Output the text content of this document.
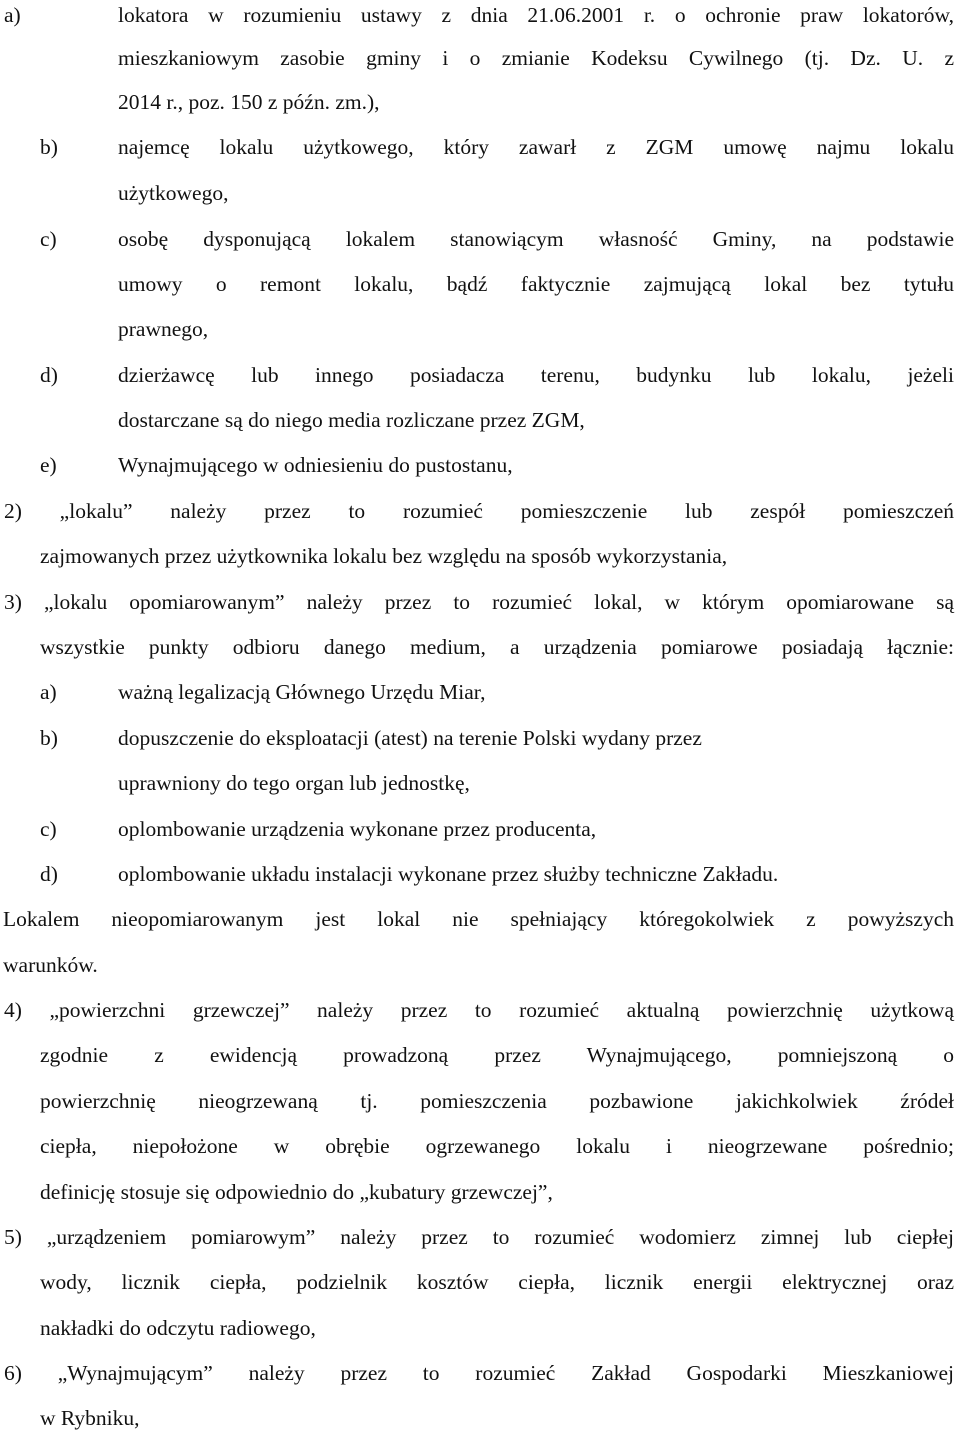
a)	lokatora w rozumieniu ustawy z dnia 21.06.2001 r. o ochronie praw lokatorów,
mieszkaniowym zasobie gminy i o zmianie Kodeksu Cywilnego (tj. Dz. U. z
2014 r., poz. 150 z późn. zm.),
b)	najemcę lokalu użytkowego, który zawarł z ZGM umowę najmu lokalu
użytkowego,
c)	osobę dysponującą lokalem stanowiącym własność Gminy, na podstawie
umowy o remont lokalu, bądź faktycznie zajmującą lokal bez tytułu
prawnego,
d)	dzierżawcę lub innego posiadacza terenu, budynku lub lokalu, jeżeli
dostarczane są do niego media rozliczane przez ZGM,
e)	Wynajmującego w odniesieniu do pustostanu,
2) „lokalu” należy przez to rozumieć pomieszczenie lub zespół pomieszczeń
zajmowanych przez użytkownika lokalu bez względu na sposób wykorzystania,
3) „lokalu opomiarowanym” należy przez to rozumieć lokal, w którym opomiarowane są
wszystkie punkty odbioru danego medium, a urządzenia pomiarowe posiadają łącznie:
a)	ważną legalizacją Głównego Urzędu Miar,
b)	dopuszczenie do eksploatacji (atest) na terenie Polski wydany przez
uprawniony do tego organ lub jednostkę,
c)	oplombowanie urządzenia wykonane przez producenta,
d)	oplombowanie układu instalacji wykonane przez służby techniczne Zakładu.
Lokalem nieopomiarowanym jest lokal nie spełniający któregokolwiek z powyższych
warunków.
4) „powierzchni grzewczej” należy przez to rozumieć aktualną powierzchnię użytkową
zgodnie z ewidencją prowadzoną przez Wynajmującego, pomniejszoną o
powierzchnię nieogrzewaną tj. pomieszczenia pozbawione jakichkolwiek źródeł
ciepła, niepołożone w obrębie ogrzewanego lokalu i nieogrzewane pośrednio;
definicję stosuje się odpowiednio do „kubatury grzewczej”,
5) „urządzeniem pomiarowym” należy przez to rozumieć wodomierz zimnej lub ciepłej
wody, licznik ciepła, podzielnik kosztów ciepła, licznik energii elektrycznej oraz
nakładki do odczytu radiowego,
6) „Wynajmującym” należy przez to rozumieć Zakład Gospodarki Mieszkaniowej
w Rybniku,
